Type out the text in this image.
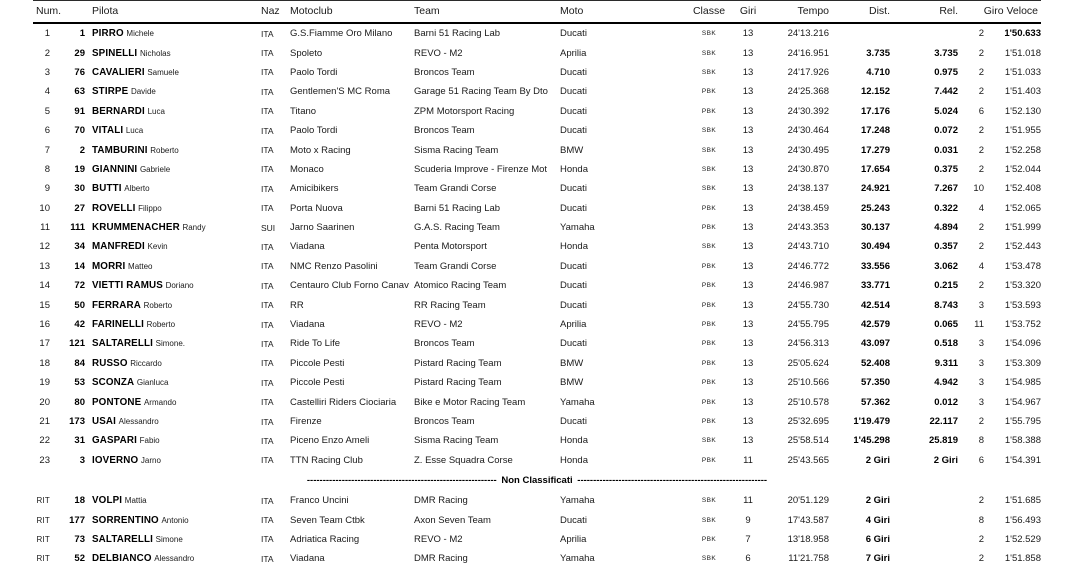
Num.		Pilota	Naz	Motoclub	Team	Moto	Classe	Giri	Tempo	Dist.	Rel.	Giro Veloce	
1	1	PIRRO Michele	ITA	G.S.Fiamme Oro Milano	Barni 51 Racing Lab	Ducati	SBK	13	24'13.216			2	1'50.633
2	29	SPINELLI Nicholas	ITA	Spoleto	REVO - M2	Aprilia	SBK	13	24'16.951	3.735	3.735	2	1'51.018
3	76	CAVALIERI Samuele	ITA	Paolo Tordi	Broncos Team	Ducati	SBK	13	24'17.926	4.710	0.975	2	1'51.033
4	63	STIRPE Davide	ITA	Gentlemen'S MC Roma	Garage 51 Racing Team By Dto	Ducati	PBK	13	24'25.368	12.152	7.442	2	1'51.403
5	91	BERNARDI Luca	ITA	Titano	ZPM Motorsport Racing	Ducati	PBK	13	24'30.392	17.176	5.024	6	1'52.130
6	70	VITALI Luca	ITA	Paolo Tordi	Broncos Team	Ducati	SBK	13	24'30.464	17.248	0.072	2	1'51.955
7	2	TAMBURINI Roberto	ITA	Moto x Racing	Sisma Racing Team	BMW	SBK	13	24'30.495	17.279	0.031	2	1'52.258
8	19	GIANNINI Gabriele	ITA	Monaco	Scuderia Improve - Firenze Mot	Honda	SBK	13	24'30.870	17.654	0.375	2	1'52.044
9	30	BUTTI Alberto	ITA	Amicibikers	Team Grandi Corse	Ducati	SBK	13	24'38.137	24.921	7.267	10	1'52.408
10	27	ROVELLI Filippo	ITA	Porta Nuova	Barni 51 Racing Lab	Ducati	PBK	13	24'38.459	25.243	0.322	4	1'52.065
11	111	KRUMMENACHER Randy	SUI	Jarno Saarinen	G.A.S. Racing Team	Yamaha	PBK	13	24'43.353	30.137	4.894	2	1'51.999
12	34	MANFREDI Kevin	ITA	Viadana	Penta Motorsport	Honda	SBK	13	24'43.710	30.494	0.357	2	1'52.443
13	14	MORRI Matteo	ITA	NMC Renzo Pasolini	Team Grandi Corse	Ducati	PBK	13	24'46.772	33.556	3.062	4	1'53.478
14	72	VIETTI RAMUS Doriano	ITA	Centauro Club Forno Canav	Atomico Racing Team	Ducati	PBK	13	24'46.987	33.771	0.215	2	1'53.320
15	50	FERRARA Roberto	ITA	RR	RR Racing Team	Ducati	PBK	13	24'55.730	42.514	8.743	3	1'53.593
16	42	FARINELLI Roberto	ITA	Viadana	REVO - M2	Aprilia	PBK	13	24'55.795	42.579	0.065	11	1'53.752
17	121	SALTARELLI Simone.	ITA	Ride To Life	Broncos Team	Ducati	PBK	13	24'56.313	43.097	0.518	3	1'54.096
18	84	RUSSO Riccardo	ITA	Piccole Pesti	Pistard Racing Team	BMW	PBK	13	25'05.624	52.408	9.311	3	1'53.309
19	53	SCONZA Gianluca	ITA	Piccole Pesti	Pistard Racing Team	BMW	PBK	13	25'10.566	57.350	4.942	3	1'54.985
20	80	PONTONE Armando	ITA	Castelliri Riders Ciociaria	Bike e Motor Racing Team	Yamaha	PBK	13	25'10.578	57.362	0.012	3	1'54.967
21	173	USAI Alessandro	ITA	Firenze	Broncos Team	Ducati	PBK	13	25'32.695	1'19.479	22.117	2	1'55.795
22	31	GASPARI Fabio	ITA	Piceno Enzo Ameli	Sisma Racing Team	Honda	SBK	13	25'58.514	1'45.298	25.819	8	1'58.388
23	3	IOVERNO Jarno	ITA	TTN Racing Club	Z. Esse Squadra Corse	Honda	PBK	11	25'43.565	2 Giri	2 Giri	6	1'54.391
------------------------------------------------------------ Non Classificati ------------------------------------------------------------													
RIT	18	VOLPI Mattia	ITA	Franco Uncini	DMR Racing	Yamaha	SBK	11	20'51.129	2 Giri		2	1'51.685
RIT	177	SORRENTINO Antonio	ITA	Seven Team Ctbk	Axon Seven Team	Ducati	SBK	9	17'43.587	4 Giri		8	1'56.493
RIT	73	SALTARELLI Simone	ITA	Adriatica Racing	REVO - M2	Aprilia	PBK	7	13'18.958	6 Giri		2	1'52.529
RIT	52	DELBIANCO Alessandro	ITA	Viadana	DMR Racing	Yamaha	SBK	6	11'21.758	7 Giri		2	1'51.858
